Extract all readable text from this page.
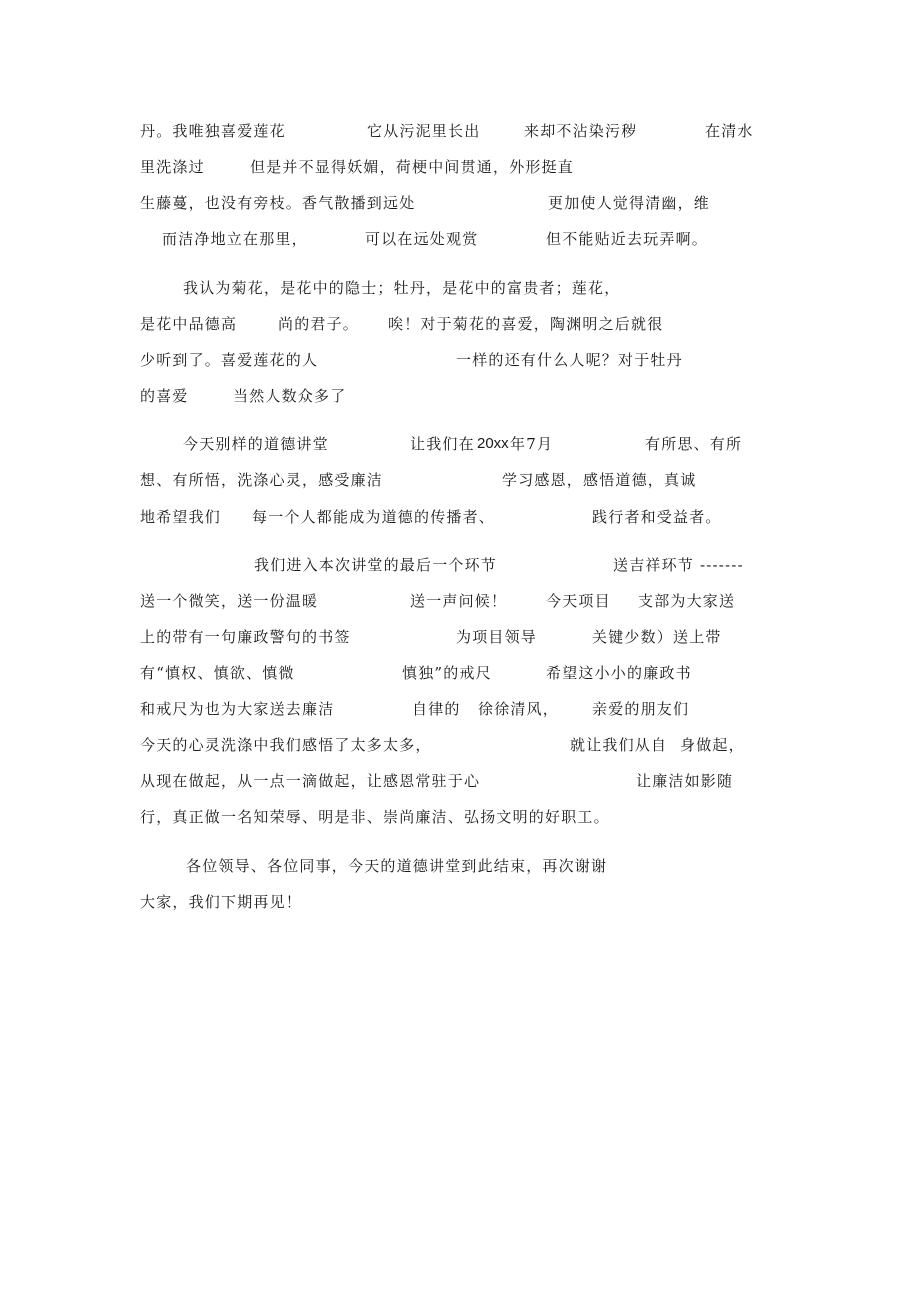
丹。我唯独喜爱莲花	它从污泥里长出	来却不沾染污秽	在清水
里洗涤过	但是并不显得妖媚，荷梗中间贯通，外形挺直
生藤蔓，也没有旁枝。香气散播到远处	更加使人觉得清幽，维
而洁净地立在那里，	可以在远处观赏	但不能贴近去玩弄啊。
我认为菊花，是花中的隐士；牡丹，是花中的富贵者；莲花，
是花中品德高	尚的君子。 唉！对于菊花的喜爱，陶渊明之后就很
少听到了。喜爱莲花的人	一样的还有什么人呢？对于牡丹
的喜爱	当然人数众多了
今天别样的道德讲堂	让我们在 20xx 年7月	有所思、有所
想、有所悟，洗涤心灵，感受廉洁	学习感恩，感悟道德，真诚
地希望我们 每一个人都能成为道德的传播者、	践行者和受益者。
我们进入本次讲堂的最后一个环节	送吉祥环节 -------
送一个微笑，送一份温暖	送一声问候！	今天项目 支部为大家送
上的带有一句廉政警句的书签	为项目领导	关键少数）送上带
有“慎权、慎欲、慎微	慎独”的戒尺	希望这小小的廉政书
和戒尺为也为大家送去廉洁	自律的 徐徐清风， 亲爱的朋友们
今天的心灵洗涤中我们感悟了太多太多，	就让我们从自 身做起，
从现在做起，从一点一滴做起，让感恩常驻于心	让廉洁如影随
行，真正做一名知荣辱、明是非、崇尚廉洁、弘扬文明的好职工。
各位领导、各位同事，今天的道德讲堂到此结束，再次谢谢
大家，我们下期再见！
